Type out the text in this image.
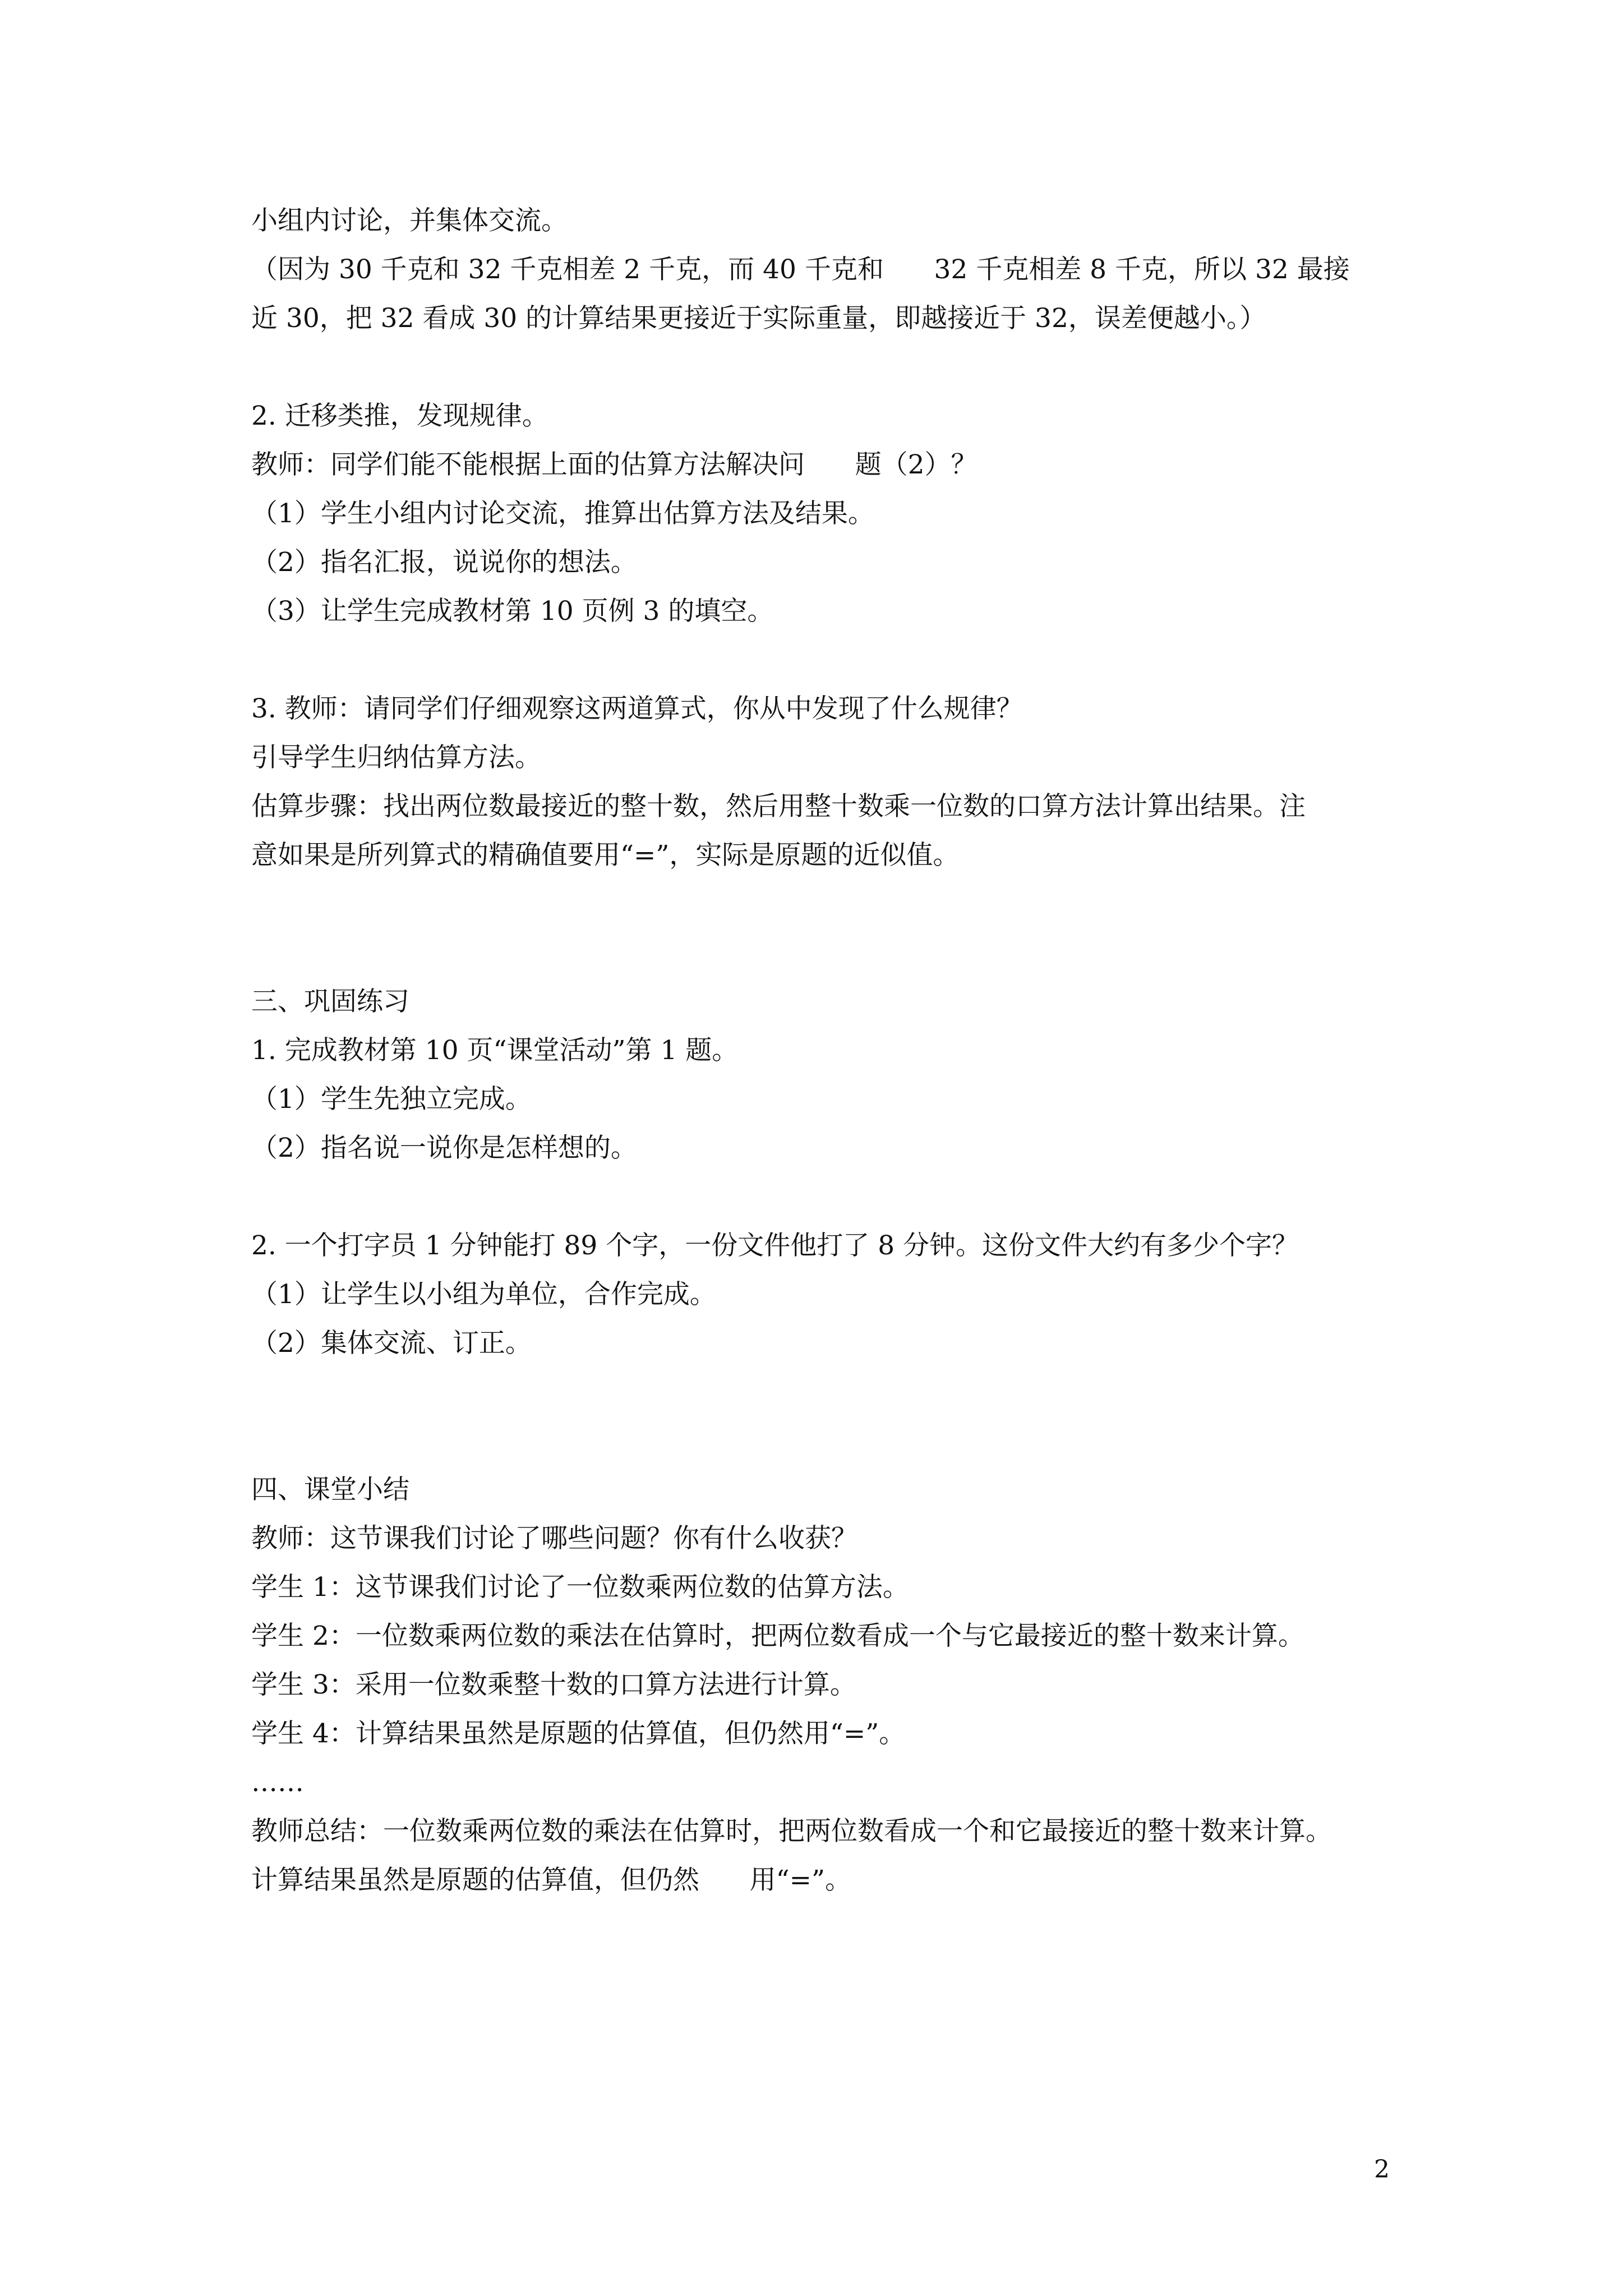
小组内讨论，并集体交流。
（因为 30 千克和 32 千克相差 2 千克，而 40 千克和      32 千克相差 8 千克，所以 32 最接
近 30，把 32 看成 30 的计算结果更接近于实际重量，即越接近于 32，误差便越小。）
2. 迁移类推，发现规律。
教师：同学们能不能根据上面的估算方法解决问      题（2）？
（1）学生小组内讨论交流，推算出估算方法及结果。
（2）指名汇报，说说你的想法。
（3）让学生完成教材第 10 页例 3 的填空。
3. 教师：请同学们仔细观察这两道算式，你从中发现了什么规律？
引导学生归纳估算方法。
估算步骤：找出两位数最接近的整十数，然后用整十数乘一位数的口算方法计算出结果。注
意如果是所列算式的精确值要用“=”，实际是原题的近似值。
三、巩固练习
1. 完成教材第 10 页“课堂活动”第 1 题。
（1）学生先独立完成。
（2）指名说一说你是怎样想的。
2. 一个打字员 1 分钟能打 89 个字，一份文件他打了 8 分钟。这份文件大约有多少个字？
（1）让学生以小组为单位，合作完成。
（2）集体交流、订正。
四、课堂小结
教师：这节课我们讨论了哪些问题？你有什么收获？
学生 1：这节课我们讨论了一位数乘两位数的估算方法。
学生 2：一位数乘两位数的乘法在估算时，把两位数看成一个与它最接近的整十数来计算。
学生 3：采用一位数乘整十数的口算方法进行计算。
学生 4：计算结果虽然是原题的估算值，但仍然用“=”。
……
教师总结：一位数乘两位数的乘法在估算时，把两位数看成一个和它最接近的整十数来计算。
计算结果虽然是原题的估算值，但仍然      用“=”。
2
